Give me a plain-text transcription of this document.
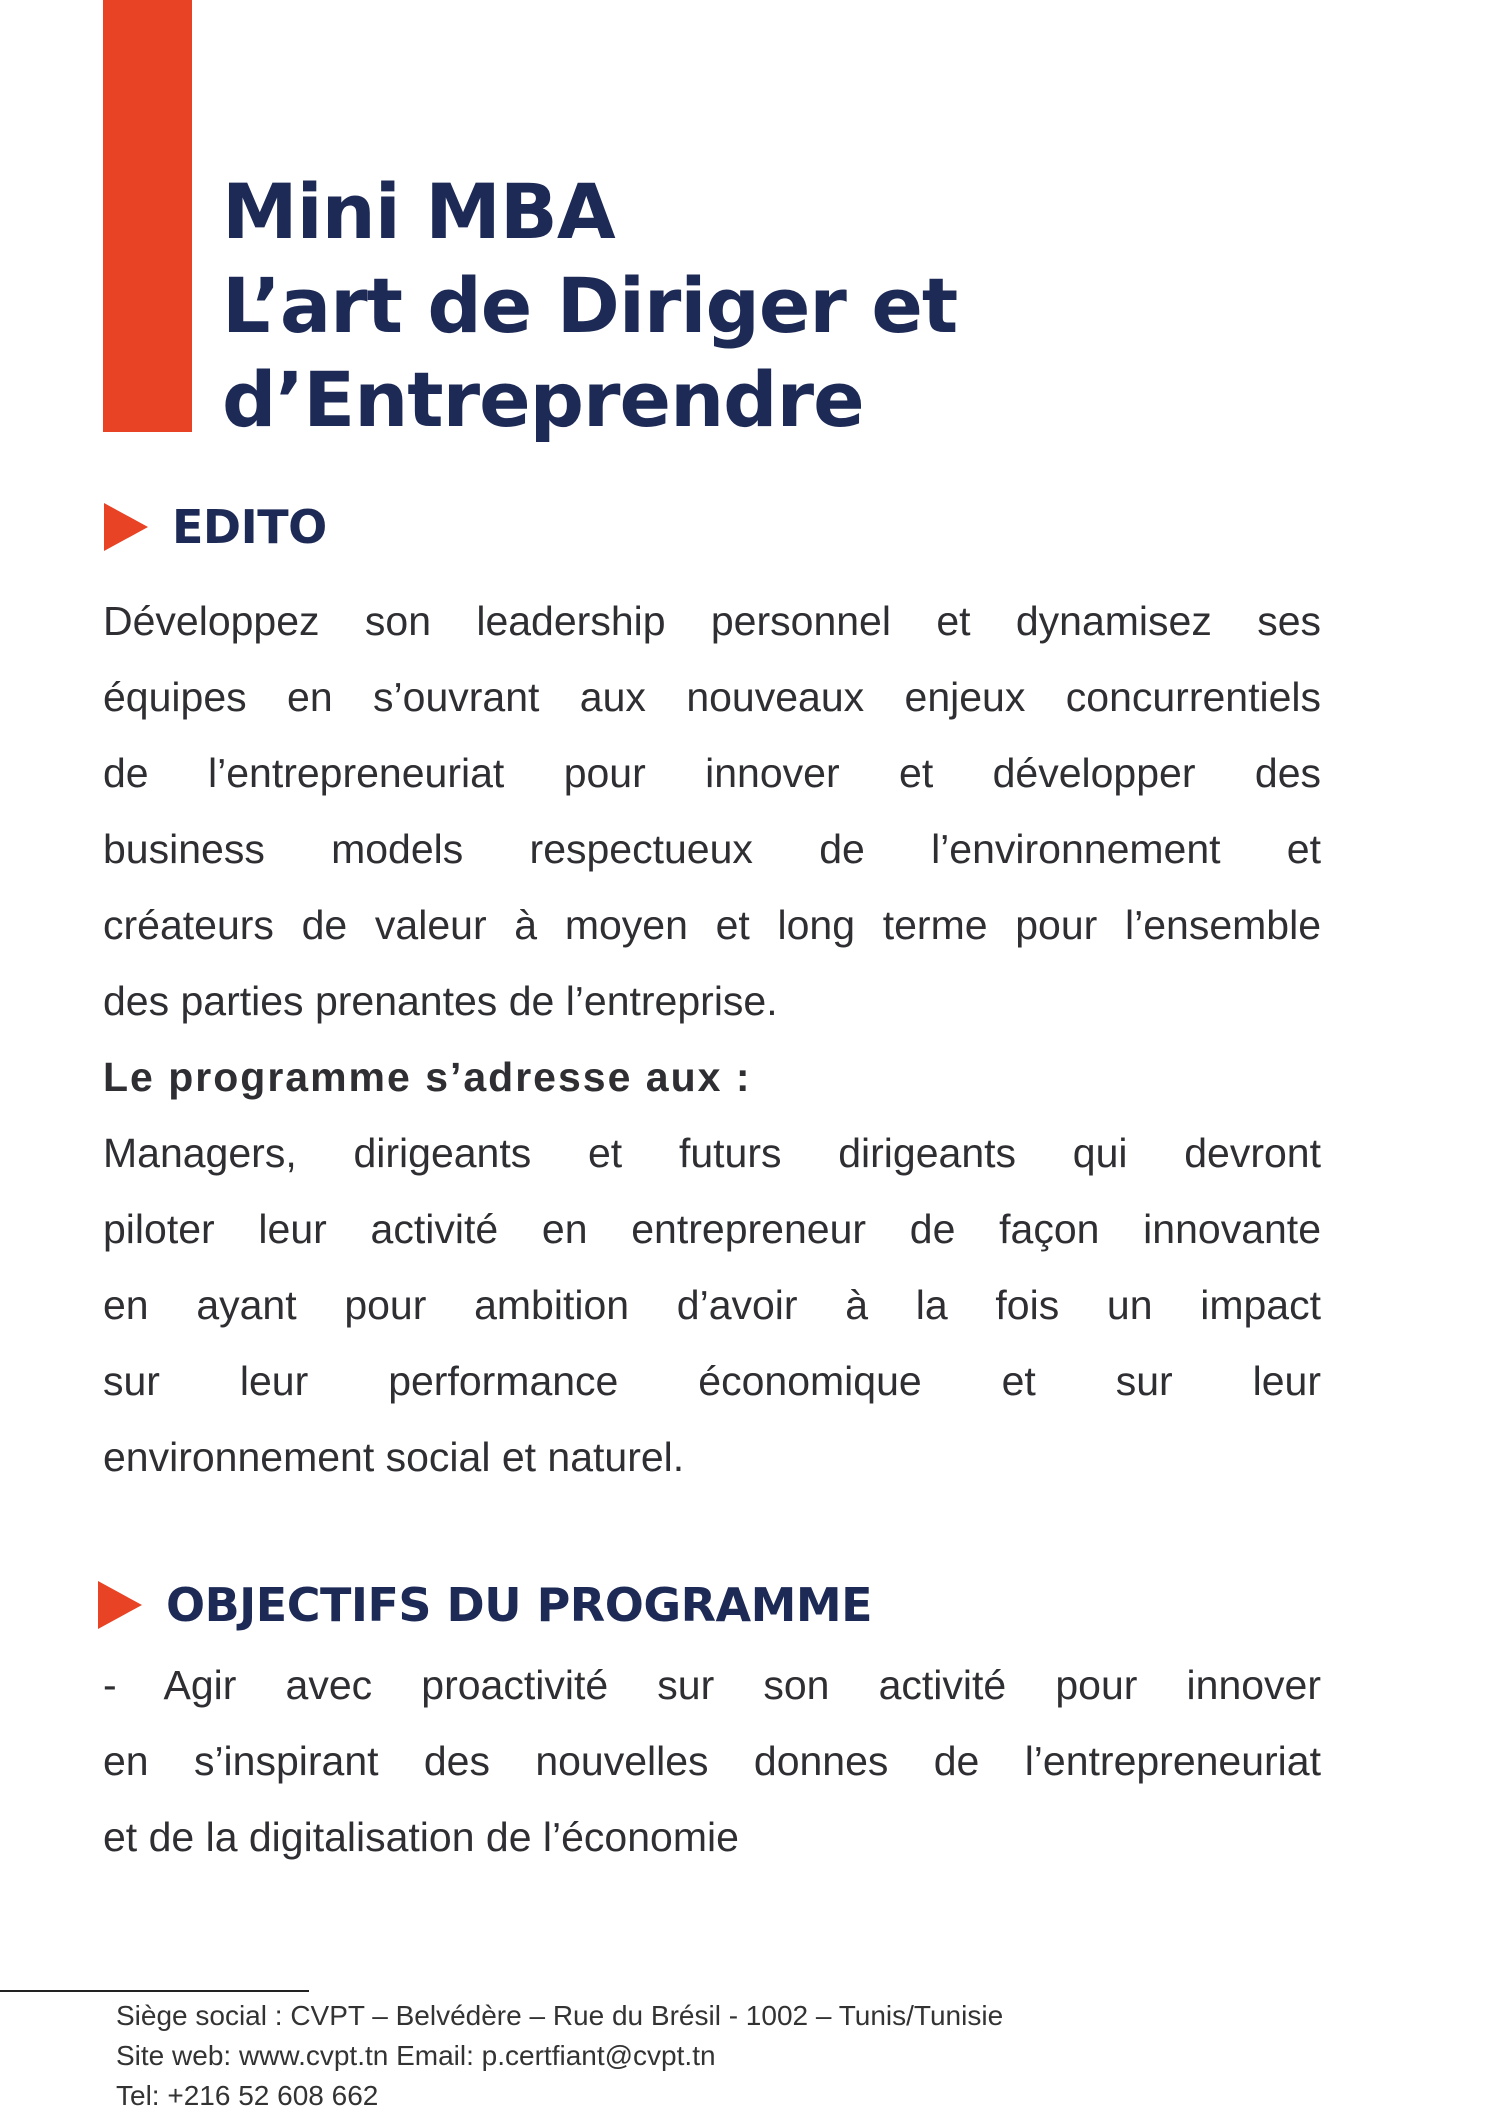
Mini MBA
L’art de Diriger et
d’Entreprendre
EDITO
Développez son leadership personnel et dynamisez ses
équipes en s’ouvrant aux nouveaux enjeux concurrentiels
de l’entrepreneuriat pour innover et développer des
business models respectueux de l’environnement et
créateurs de valeur à moyen et long terme pour l’ensemble
des parties prenantes de l’entreprise.
Le programme s’adresse aux :
Managers, dirigeants et futurs dirigeants qui devront
piloter leur activité en entrepreneur de façon innovante
en ayant pour ambition d’avoir à la fois un impact
sur leur performance économique et sur leur
environnement social et naturel.
OBJECTIFS DU PROGRAMME
- Agir avec proactivité sur son activité pour innover
en s’inspirant des nouvelles donnes de l’entrepreneuriat
et de la digitalisation de l’économie
Siège social : CVPT – Belvédère – Rue du Brésil - 1002 – Tunis/Tunisie
Site web: www.cvpt.tn Email: p.certfiant@cvpt.tn
Tel: +216 52 608 662
